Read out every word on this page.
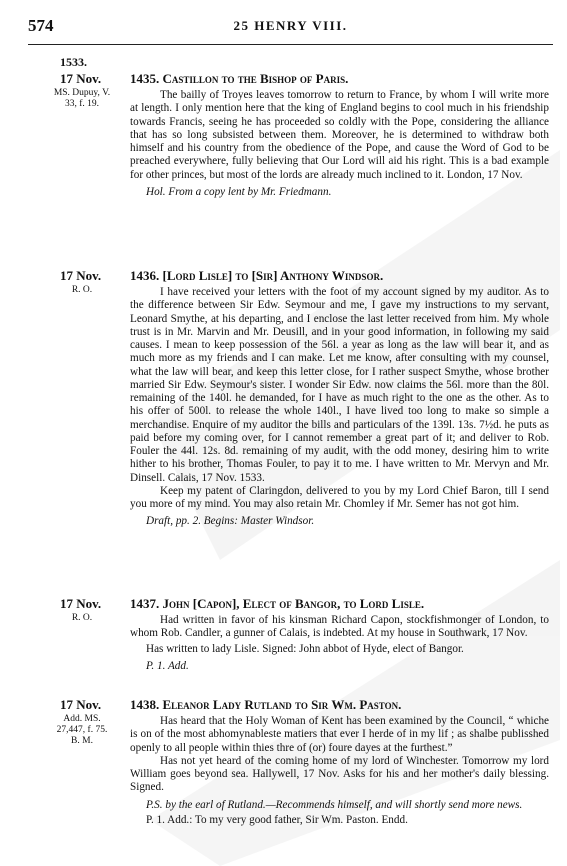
574	25 HENRY VIII.
1533.
17 Nov.
MS. Dupuy, V. 33, f. 19.
1435. Castillon to the Bishop of Paris.

The bailly of Troyes leaves tomorrow to return to France, by whom I will write more at length. I only mention here that the king of England begins to cool much in his friendship towards Francis, seeing he has proceeded so coldly with the Pope, considering the alliance that has so long subsisted between them. Moreover, he is determined to withdraw both himself and his country from the obedience of the Pope, and cause the Word of God to be preached everywhere, fully believing that Our Lord will aid his right. This is a bad example for other princes, but most of the lords are already much inclined to it. London, 17 Nov.

Hol. From a copy lent by Mr. Friedmann.

17 Nov.
R. O.
1436. [Lord Lisle] to [Sir] Anthony Windsor.

I have received your letters with the foot of my account signed by my auditor. As to the difference between Sir Edw. Seymour and me, I gave my instructions to my servant, Leonard Smythe, at his departing, and I enclose the last letter received from him. My whole trust is in Mr. Marvin and Mr. Deusill, and in your good information, in following my said causes. I mean to keep possession of the 56l. a year as long as the law will bear it, and as much more as my friends and I can make. Let me know, after consulting with my counsel, what the law will bear, and keep this letter close, for I rather suspect Smythe, whose brother married Sir Edw. Seymour's sister. I wonder Sir Edw. now claims the 56l. more than the 80l. remaining of the 140l. he demanded, for I have as much right to the one as the other. As to his offer of 500l. to release the whole 140l., I have lived too long to make so simple a merchandise. Enquire of my auditor the bills and particulars of the 139l. 13s. 7½d. he puts as paid before my coming over, for I cannot remember a great part of it; and deliver to Rob. Fouler the 44l. 12s. 8d. remaining of my audit, with the odd money, desiring him to write hither to his brother, Thomas Fouler, to pay it to me. I have written to Mr. Mervyn and Mr. Dinsell. Calais, 17 Nov. 1533.

Keep my patent of Claringdon, delivered to you by my Lord Chief Baron, till I send you more of my mind. You may also retain Mr. Chomley if Mr. Semer has not got him.

Draft, pp. 2. Begins: Master Windsor.

17 Nov.
R. O.
1437. John [Capon], Elect of Bangor, to Lord Lisle.

Had written in favor of his kinsman Richard Capon, stockfishmonger of London, to whom Rob. Candler, a gunner of Calais, is indebted. At my house in Southwark, 17 Nov.

Has written to lady Lisle. Signed: John abbot of Hyde, elect of Bangor.

P. 1. Add.

17 Nov.
Add. MS. 27,447, f. 75. B. M.
1438. Eleanor Lady Rutland to Sir Wm. Paston.

Has heard that the Holy Woman of Kent has been examined by the Council, “ whiche is on of the most abhomynableste matiers that ever I herde of in my lif ; as shalbe publisshed openly to all people within thies thre of (or) foure dayes at the furthest.”

Has not yet heard of the coming home of my lord of Winchester. Tomorrow my lord William goes beyond sea. Hallywell, 17 Nov. Asks for his and her mother's daily blessing. Signed.

P.S. by the earl of Rutland.—Recommends himself, and will shortly send more news.

P. 1. Add.: To my very good father, Sir Wm. Paston. Endd.
